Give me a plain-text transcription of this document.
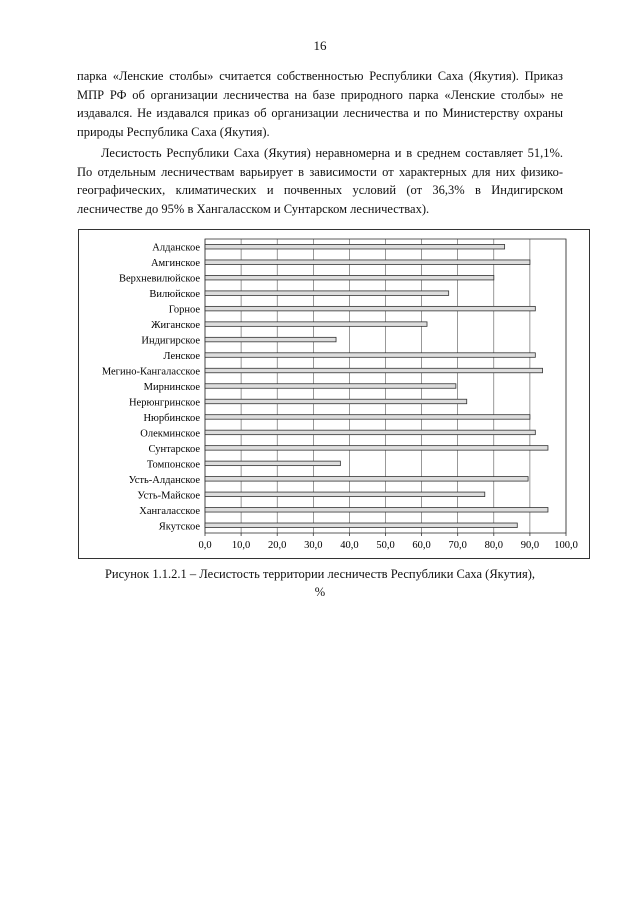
16

парка «Ленские столбы» считается собственностью Республики Саха (Якутия). Приказ МПР РФ об организации лесничества на базе природного парка «Ленские столбы» не издавался. Не издавался приказ об организации лесничества и по Министерству охраны природы Республика Саха (Якутия).

Лесистость Республики Саха (Якутия) неравномерна и в среднем составляет 51,1%. По отдельным лесничествам варьирует в зависимости от характерных для них физико-географических, климатических и почвенных условий (от 36,3% в Индигирском лесничестве до 95% в Хангаласском и Сунтарском лесничествах).

Алданское
Амгинское
Верхневилюйское
Вилюйское
Горное
Жиганское
Индигирское
Ленское
Мегино-Кангаласское
Мирнинское
Нерюнгринское
Нюрбинское
Олекминское
Сунтарское
Томпонское
Усть-Алданское
Усть-Майское
Хангаласское
Якутское
0,0 10,0 20,0 30,0 40,0 50,0 60,0 70,0 80,0 90,0 100,0
Рисунок 1.1.2.1 – Лесистость территории лесничеств Республики Саха (Якутия),
%
